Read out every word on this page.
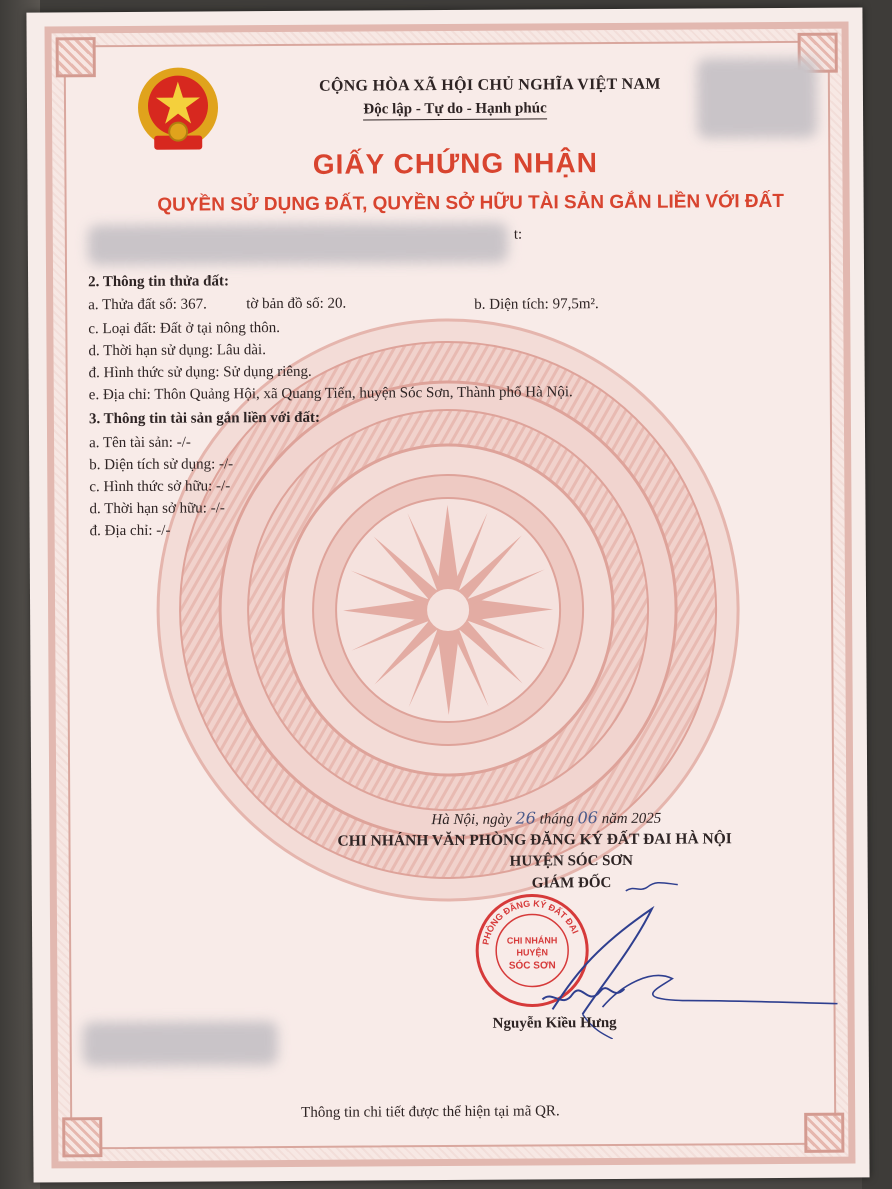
CỘNG HÒA XÃ HỘI CHỦ NGHĨA VIỆT NAM
Độc lập - Tự do - Hạnh phúc
GIẤY CHỨNG NHẬN
QUYỀN SỬ DỤNG ĐẤT, QUYỀN SỞ HỮU TÀI SẢN GẮN LIỀN VỚI ĐẤT
t:
2. Thông tin thửa đất:
a. Thửa đất số: 367.	tờ bản đồ số: 20.	b. Diện tích: 97,5m².
c. Loại đất: Đất ở tại nông thôn.
d. Thời hạn sử dụng: Lâu dài.
đ. Hình thức sử dụng: Sử dụng riêng.
e. Địa chỉ: Thôn Quảng Hội, xã Quang Tiến, huyện Sóc Sơn, Thành phố Hà Nội.
3. Thông tin tài sản gắn liền với đất:
a. Tên tài sản: -/-
b. Diện tích sử dụng: -/-
c. Hình thức sở hữu: -/-
d. Thời hạn sở hữu: -/-
đ. Địa chỉ: -/-
Hà Nội, ngày 26 tháng 06 năm 2025
CHI NHÁNH VĂN PHÒNG ĐĂNG KÝ ĐẤT ĐAI HÀ NỘI
HUYỆN SÓC SƠN
GIÁM ĐỐC
PHÒNG ĐĂNG KÝ ĐẤT ĐAI
CHI NHÁNH
HUYỆN
SÓC SƠN
Nguyễn Kiều Hưng
Thông tin chi tiết được thể hiện tại mã QR.
